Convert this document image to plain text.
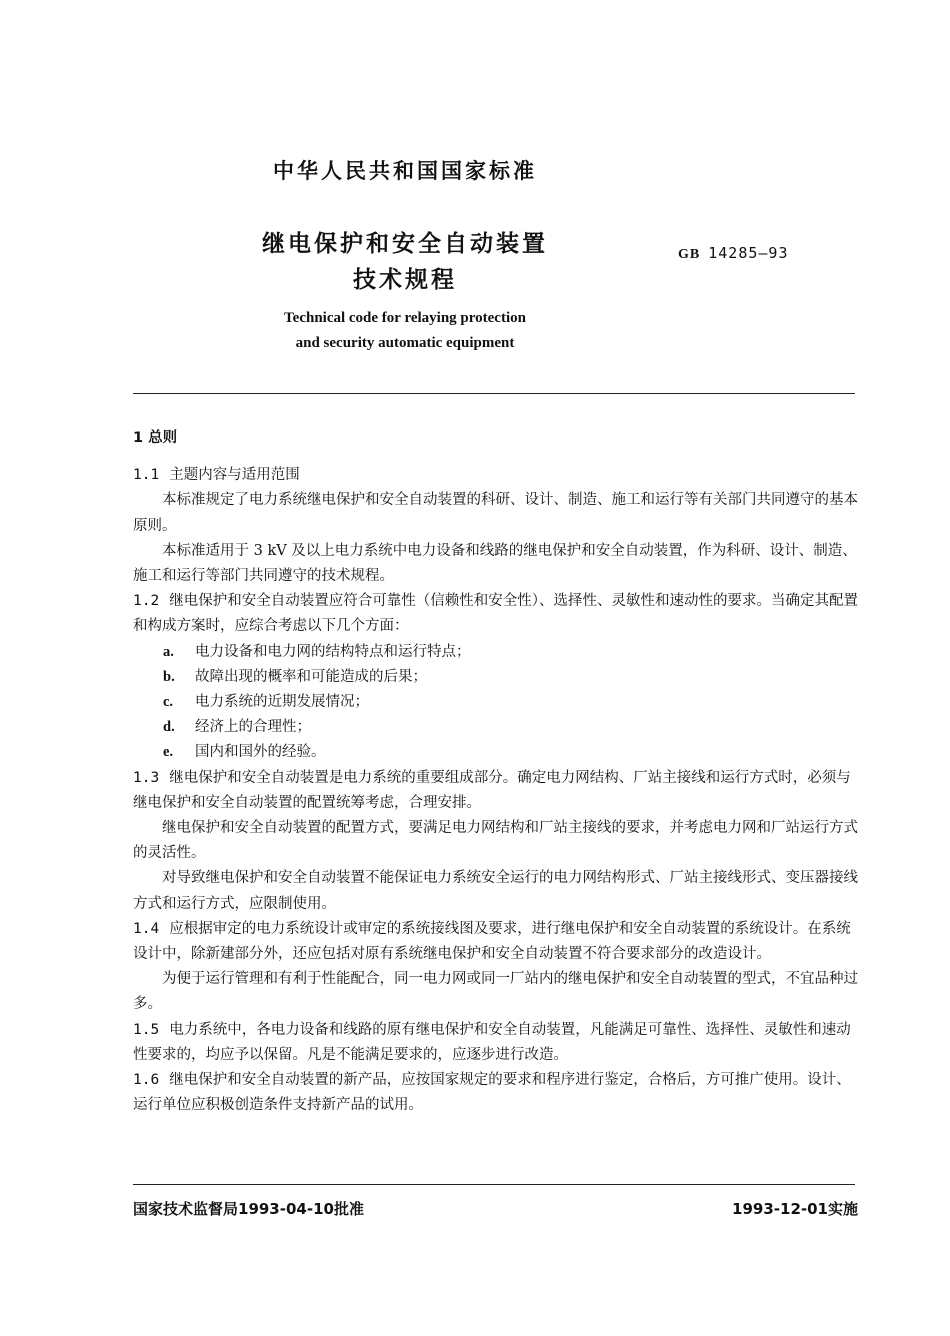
中华人民共和国国家标准
继电保护和安全自动装置
技术规程
GB 14285—93
Technical code for relaying protection
and security automatic equipment

1 总则

1.1 主题内容与适用范围

本标准规定了电力系统继电保护和安全自动装置的科研、设计、制造、施工和运行等有关部门共同遵守的基本原则。

本标准适用于 3 kV 及以上电力系统中电力设备和线路的继电保护和安全自动装置，作为科研、设计、制造、施工和运行等部门共同遵守的技术规程。

1.2 继电保护和安全自动装置应符合可靠性（信赖性和安全性）、选择性、灵敏性和速动性的要求。当确定其配置和构成方案时，应综合考虑以下几个方面：

a. 电力设备和电力网的结构特点和运行特点；

b. 故障出现的概率和可能造成的后果；

c. 电力系统的近期发展情况；

d. 经济上的合理性；

e. 国内和国外的经验。

1.3 继电保护和安全自动装置是电力系统的重要组成部分。确定电力网结构、厂站主接线和运行方式时，必须与继电保护和安全自动装置的配置统筹考虑，合理安排。

继电保护和安全自动装置的配置方式，要满足电力网结构和厂站主接线的要求，并考虑电力网和厂站运行方式的灵活性。

对导致继电保护和安全自动装置不能保证电力系统安全运行的电力网结构形式、厂站主接线形式、变压器接线方式和运行方式，应限制使用。

1.4 应根据审定的电力系统设计或审定的系统接线图及要求，进行继电保护和安全自动装置的系统设计。在系统设计中，除新建部分外，还应包括对原有系统继电保护和安全自动装置不符合要求部分的改造设计。

为便于运行管理和有利于性能配合，同一电力网或同一厂站内的继电保护和安全自动装置的型式，不宜品种过多。

1.5 电力系统中，各电力设备和线路的原有继电保护和安全自动装置，凡能满足可靠性、选择性、灵敏性和速动性要求的，均应予以保留。凡是不能满足要求的，应逐步进行改造。

1.6 继电保护和安全自动装置的新产品，应按国家规定的要求和程序进行鉴定，合格后，方可推广使用。设计、运行单位应积极创造条件支持新产品的试用。

国家技术监督局1993-04-10批准	1993-12-01实施
